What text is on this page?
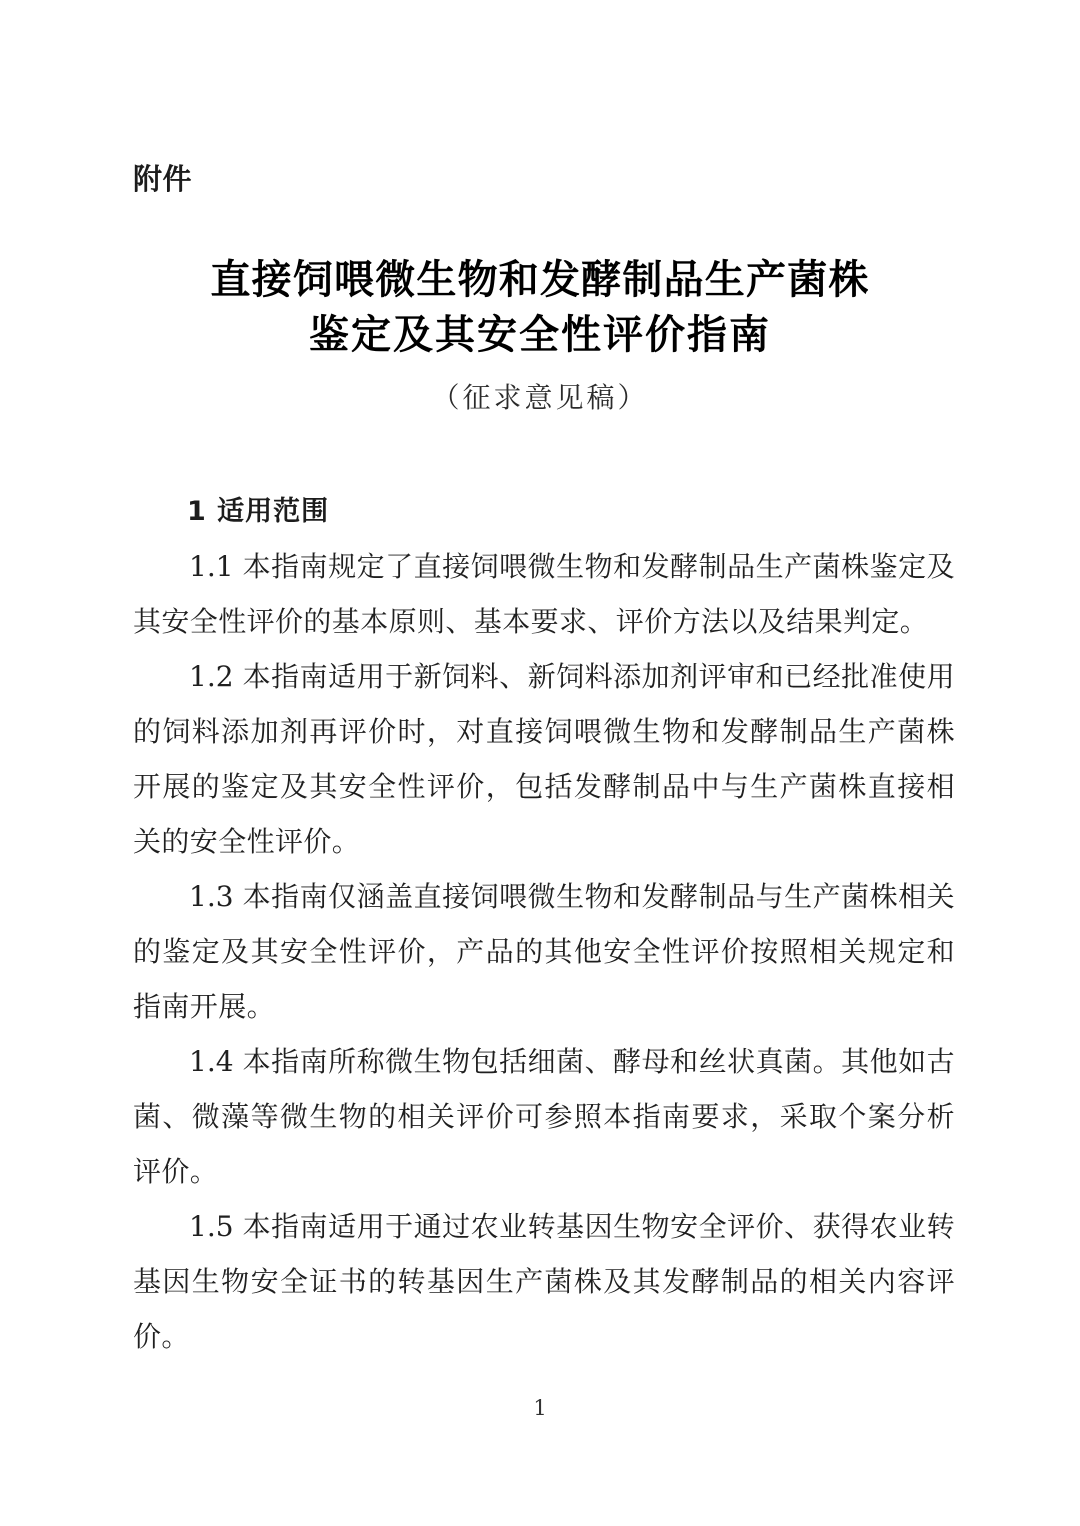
附件
直接饲喂微生物和发酵制品生产菌株
鉴定及其安全性评价指南
（征求意见稿）

1 适用范围

1.1 本指南规定了直接饲喂微生物和发酵制品生产菌株鉴定及其安全性评价的基本原则、基本要求、评价方法以及结果判定。

1.2 本指南适用于新饲料、新饲料添加剂评审和已经批准使用的饲料添加剂再评价时，对直接饲喂微生物和发酵制品生产菌株开展的鉴定及其安全性评价，包括发酵制品中与生产菌株直接相关的安全性评价。

1.3 本指南仅涵盖直接饲喂微生物和发酵制品与生产菌株相关的鉴定及其安全性评价，产品的其他安全性评价按照相关规定和指南开展。

1.4 本指南所称微生物包括细菌、酵母和丝状真菌。其他如古菌、微藻等微生物的相关评价可参照本指南要求，采取个案分析评价。

1.5 本指南适用于通过农业转基因生物安全评价、获得农业转基因生物安全证书的转基因生产菌株及其发酵制品的相关内容评价。

1
